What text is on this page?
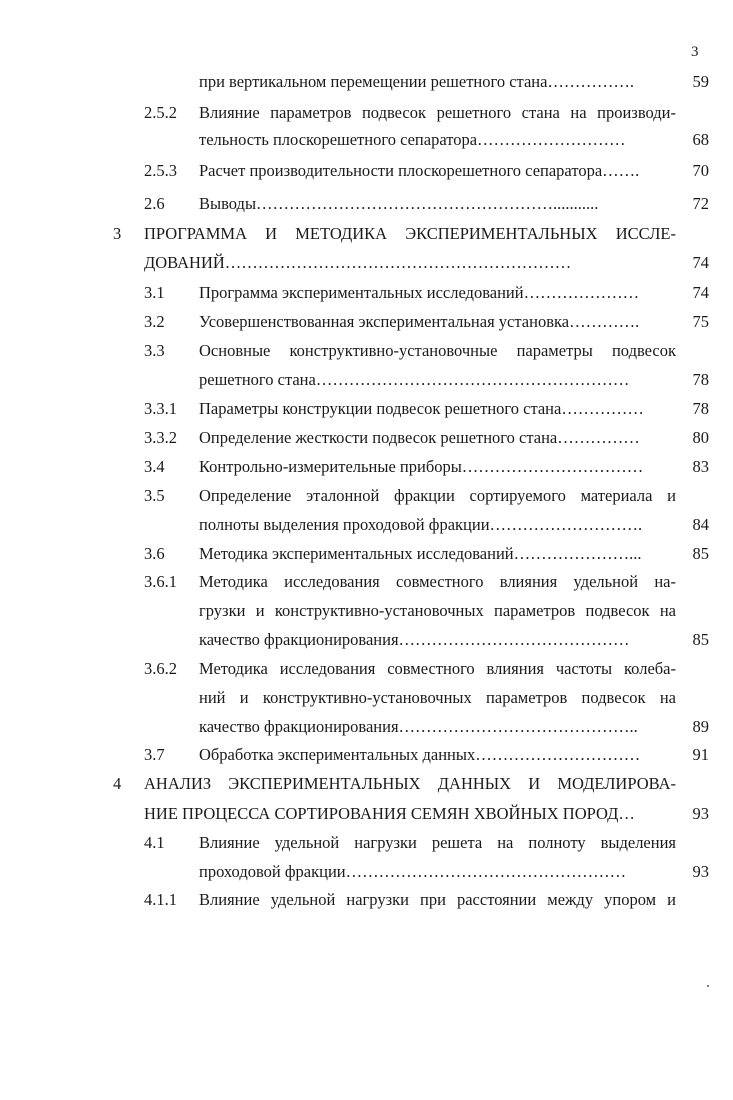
3
при вертикальном перемещении решетного стана…………….	59
2.5.2 Влияние параметров подвесок решетного стана на производи-
тельность плоскорешетного сепаратора………………………	68
2.5.3 Расчет производительности плоскорешетного сепаратора…….	70
2.6 Выводы………………………………………………...........	72
3 ПРОГРАММА И МЕТОДИКА ЭКСПЕРИМЕНТАЛЬНЫХ ИССЛЕ-
ДОВАНИЙ………………………………………………………	74
3.1 Программа экспериментальных исследований…………………	74
3.2 Усовершенствованная экспериментальная установка………….	75
3.3 Основные конструктивно-установочные параметры подвесок
решетного стана…………………………………………………	78
3.3.1 Параметры конструкции подвесок решетного стана……………	78
3.3.2 Определение жесткости подвесок решетного стана……………	80
3.4 Контрольно-измерительные приборы……………………………	83
3.5 Определение эталонной фракции сортируемого материала и
полноты выделения проходовой фракции……………………….	84
3.6 Методика экспериментальных исследований…………………...	85
3.6.1 Методика исследования совместного влияния удельной на-
грузки и конструктивно-установочных параметров подвесок на
качество фракционирования……………………………………	85
3.6.2 Методика исследования совместного влияния частоты колеба-
ний и конструктивно-установочных параметров подвесок на
качество фракционирования……………………………………..	89
3.7 Обработка экспериментальных данных…………………………	91
4 АНАЛИЗ ЭКСПЕРИМЕНТАЛЬНЫХ ДАННЫХ И МОДЕЛИРОВА-
НИЕ ПРОЦЕССА СОРТИРОВАНИЯ СЕМЯН ХВОЙНЫХ ПОРОД…	93
4.1 Влияние удельной нагрузки решета на полноту выделения
проходовой фракции……………………………………………	93
4.1.1 Влияние удельной нагрузки при расстоянии между упором и
